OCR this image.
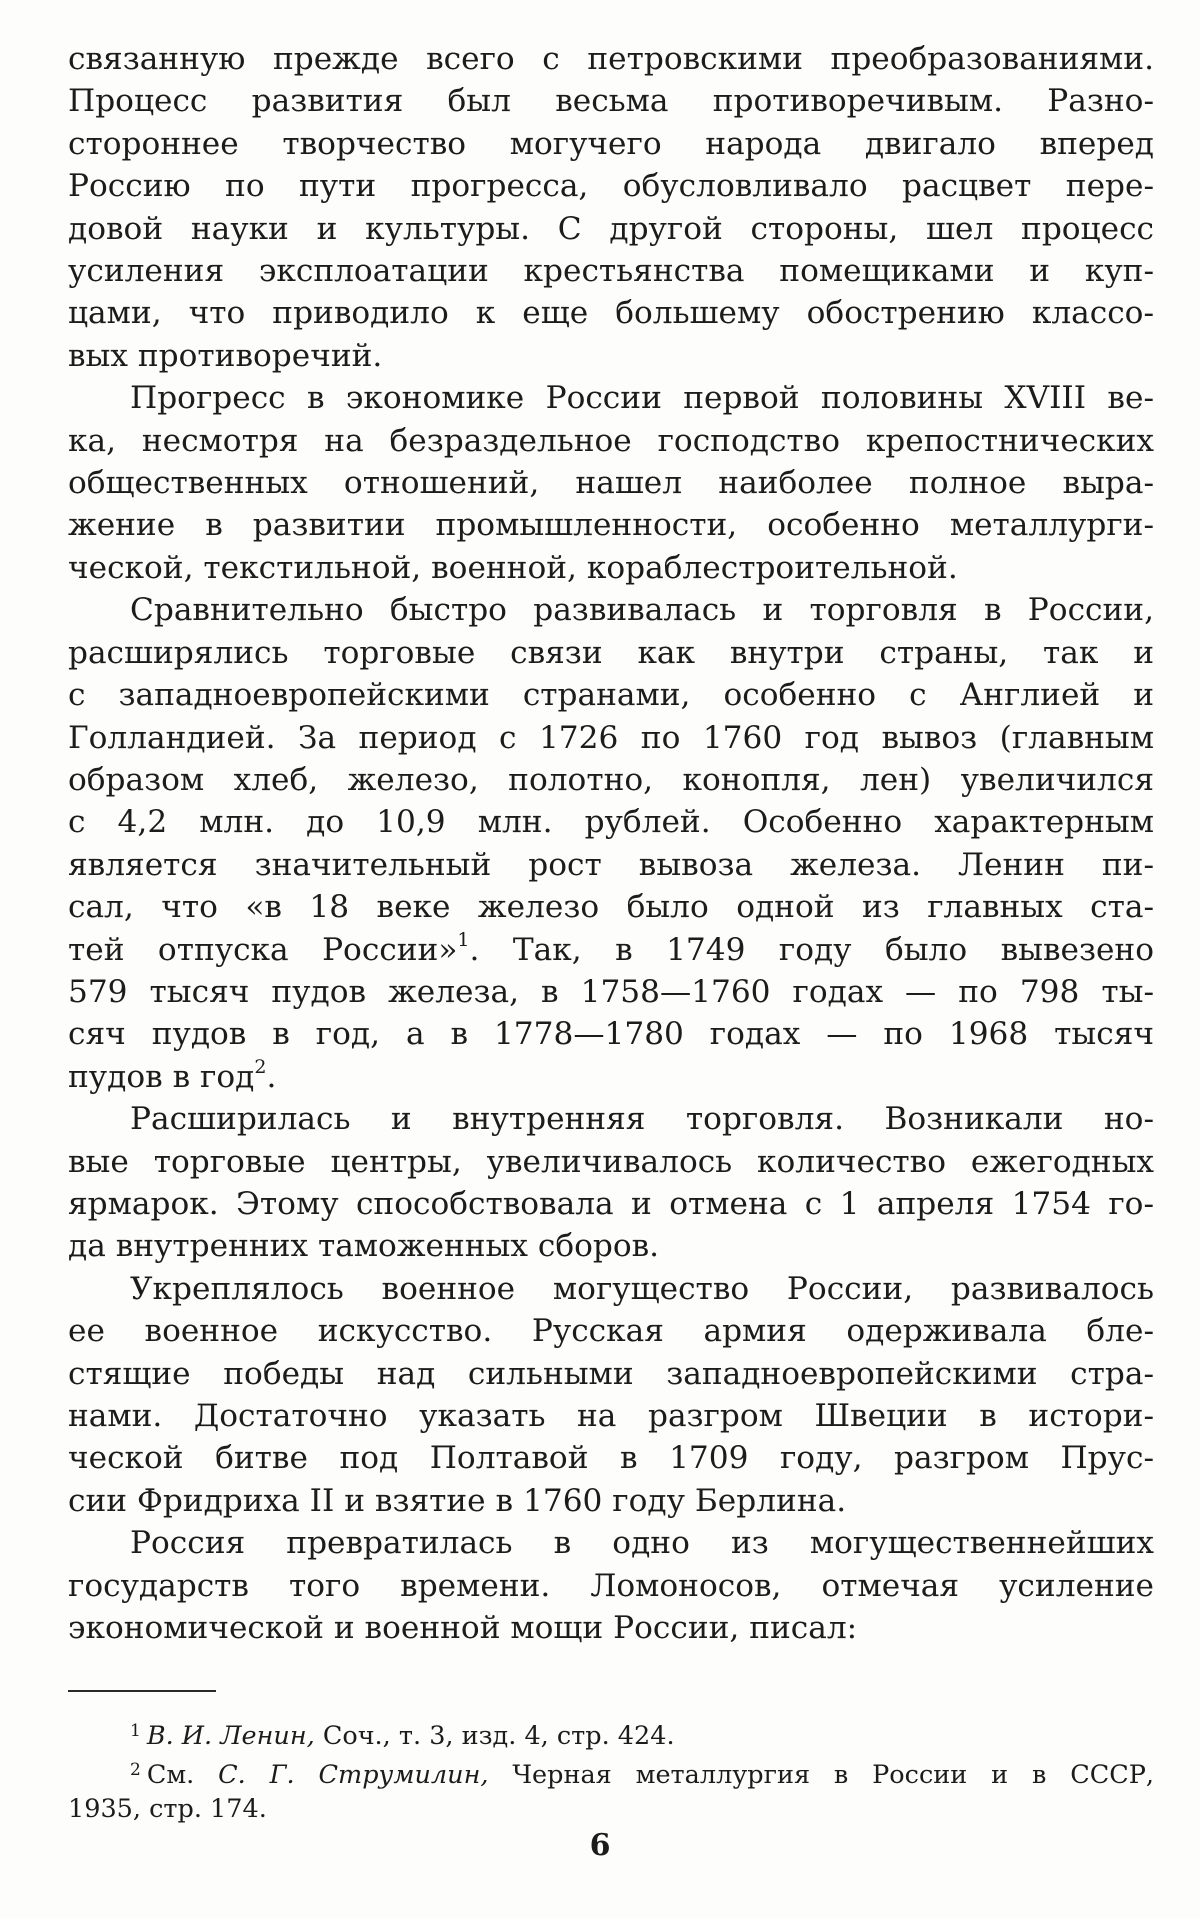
связанную прежде всего с петровскими преобразованиями.
Процесс развития был весьма противоречивым. Разно-
стороннее творчество могучего народа двигало вперед
Россию по пути прогресса, обусловливало расцвет пере-
довой науки и культуры. С другой стороны, шел процесс
усиления эксплоатации крестьянства помещиками и куп-
цами, что приводило к еще большему обострению классо-
вых противоречий.

Прогресс в экономике России первой половины XVIII ве-
ка, несмотря на безраздельное господство крепостнических
общественных отношений, нашел наиболее полное выра-
жение в развитии промышленности, особенно металлурги-
ческой, текстильной, военной, кораблестроительной.

Сравнительно быстро развивалась и торговля в России,
расширялись торговые связи как внутри страны, так и
с западноевропейскими странами, особенно с Англией и
Голландией. За период с 1726 по 1760 год вывоз (главным
образом хлеб, железо, полотно, конопля, лен) увеличился
с 4,2 млн. до 10,9 млн. рублей. Особенно характерным
является значительный рост вывоза железа. Ленин пи-
сал, что «в 18 веке железо было одной из главных ста-
тей отпуска России»$^1$. Так, в 1749 году было вывезено
579 тысяч пудов железа, в 1758—1760 годах — по 798 ты-
сяч пудов в год, а в 1778—1780 годах — по 1968 тысяч
пудов в год$^2$.

Расширилась и внутренняя торговля. Возникали но-
вые торговые центры, увеличивалось количество ежегодных
ярмарок. Этому способствовала и отмена с 1 апреля 1754 го-
да внутренних таможенных сборов.

Укреплялось военное могущество России, развивалось
ее военное искусство. Русская армия одерживала бле-
стящие победы над сильными западноевропейскими стра-
нами. Достаточно указать на разгром Швеции в истори-
ческой битве под Полтавой в 1709 году, разгром Прус-
сии Фридриха II и взятие в 1760 году Берлина.

Россия превратилась в одно из могущественнейших
государств того времени. Ломоносов, отмечая усиление
экономической и военной мощи России, писал:

$^1$ В. И. Ленин, Соч., т. 3, изд. 4, стр. 424.
$^2$ См. С. Г. Струмилин, Черная металлургия в России и в СССР,
1935, стр. 174.
6
